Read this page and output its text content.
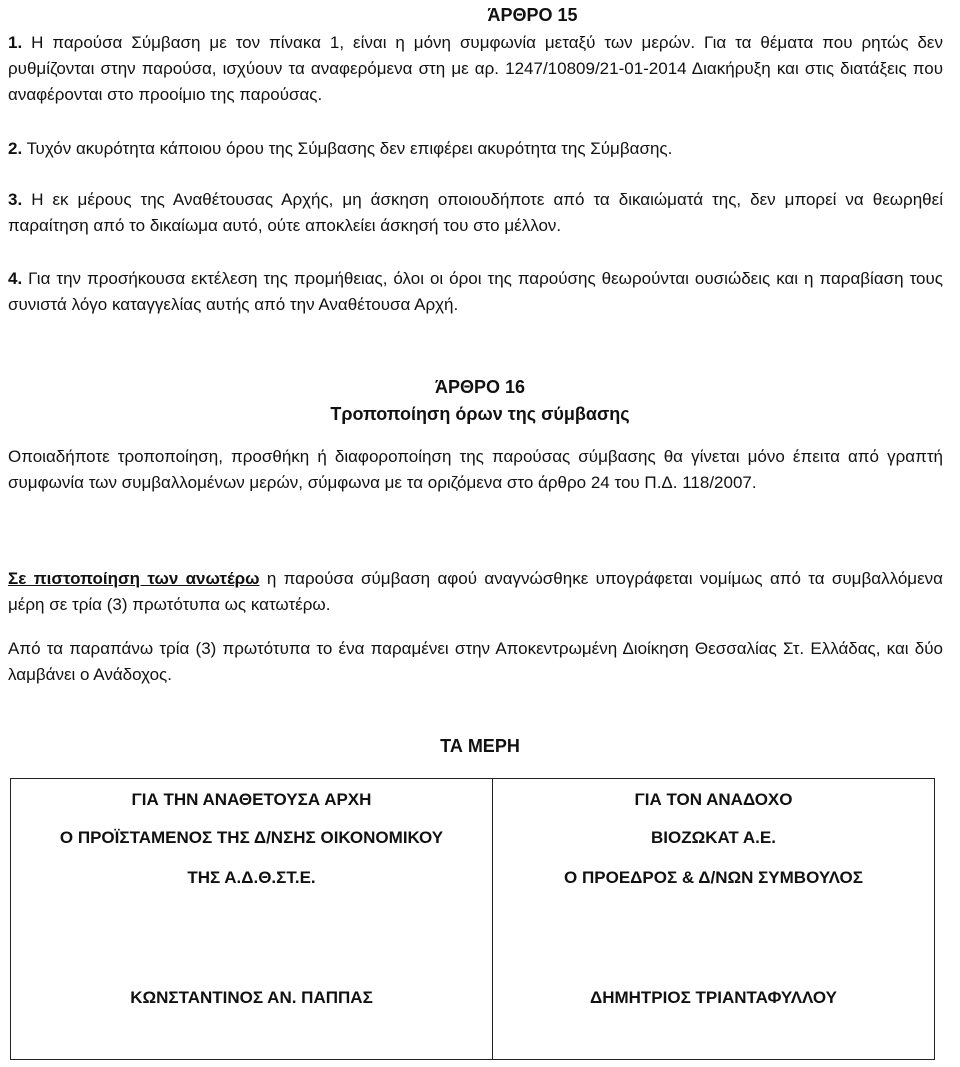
ΆΡΘΡΟ 15

1. Η παρούσα Σύμβαση με τον πίνακα 1, είναι η μόνη συμφωνία μεταξύ των μερών. Για τα θέματα που ρητώς δεν ρυθμίζονται στην παρούσα, ισχύουν τα αναφερόμενα στη με αρ. 1247/10809/21-01-2014 Διακήρυξη και στις διατάξεις που αναφέρονται στο προοίμιο της παρούσας.

2. Τυχόν ακυρότητα κάποιου όρου της Σύμβασης δεν επιφέρει ακυρότητα της Σύμβασης.

3. Η εκ μέρους της Αναθέτουσας Αρχής, μη άσκηση οποιουδήποτε από τα δικαιώματά της, δεν μπορεί να θεωρηθεί παραίτηση από το δικαίωμα αυτό, ούτε αποκλείει άσκησή του στο μέλλον.

4. Για την προσήκουσα εκτέλεση της προμήθειας, όλοι οι όροι της παρούσης θεωρούνται ουσιώδεις και η παραβίαση τους συνιστά λόγο καταγγελίας αυτής από την Αναθέτουσα Αρχή.

ΆΡΘΡΟ 16
Τροποποίηση όρων της σύμβασης

Οποιαδήποτε τροποποίηση, προσθήκη ή διαφοροποίηση της παρούσας σύμβασης θα γίνεται μόνο έπειτα από γραπτή συμφωνία των συμβαλλομένων μερών, σύμφωνα με τα οριζόμενα στο άρθρο 24 του Π.Δ. 118/2007.

Σε πιστοποίηση των ανωτέρω η παρούσα σύμβαση αφού αναγνώσθηκε υπογράφεται νομίμως από τα συμβαλλόμενα μέρη σε τρία (3) πρωτότυπα ως κατωτέρω.

Από τα παραπάνω τρία (3) πρωτότυπα το ένα παραμένει στην Αποκεντρωμένη Διοίκηση Θεσσαλίας Στ. Ελλάδας, και δύο λαμβάνει ο Ανάδοχος.

ΤΑ ΜΕΡΗ
ΓΙΑ ΤΗΝ ΑΝΑΘΕΤΟΥΣΑ ΑΡΧΗ
Ο ΠΡΟΪΣΤΑΜΕΝΟΣ ΤΗΣ Δ/ΝΣΗΣ ΟΙΚΟΝΟΜΙΚΟΥ
ΤΗΣ Α.Δ.Θ.ΣΤ.Ε.
ΚΩΝΣΤΑΝΤΙΝΟΣ ΑΝ. ΠΑΠΠΑΣ

ΓΙΑ ΤΟΝ ΑΝΑΔΟΧΟ
ΒΙΟΖΩΚΑΤ Α.Ε.
Ο ΠΡΟΕΔΡΟΣ & Δ/ΝΩΝ ΣΥΜΒΟΥΛΟΣ
ΔΗΜΗΤΡΙΟΣ ΤΡΙΑΝΤΑΦΥΛΛΟΥ
